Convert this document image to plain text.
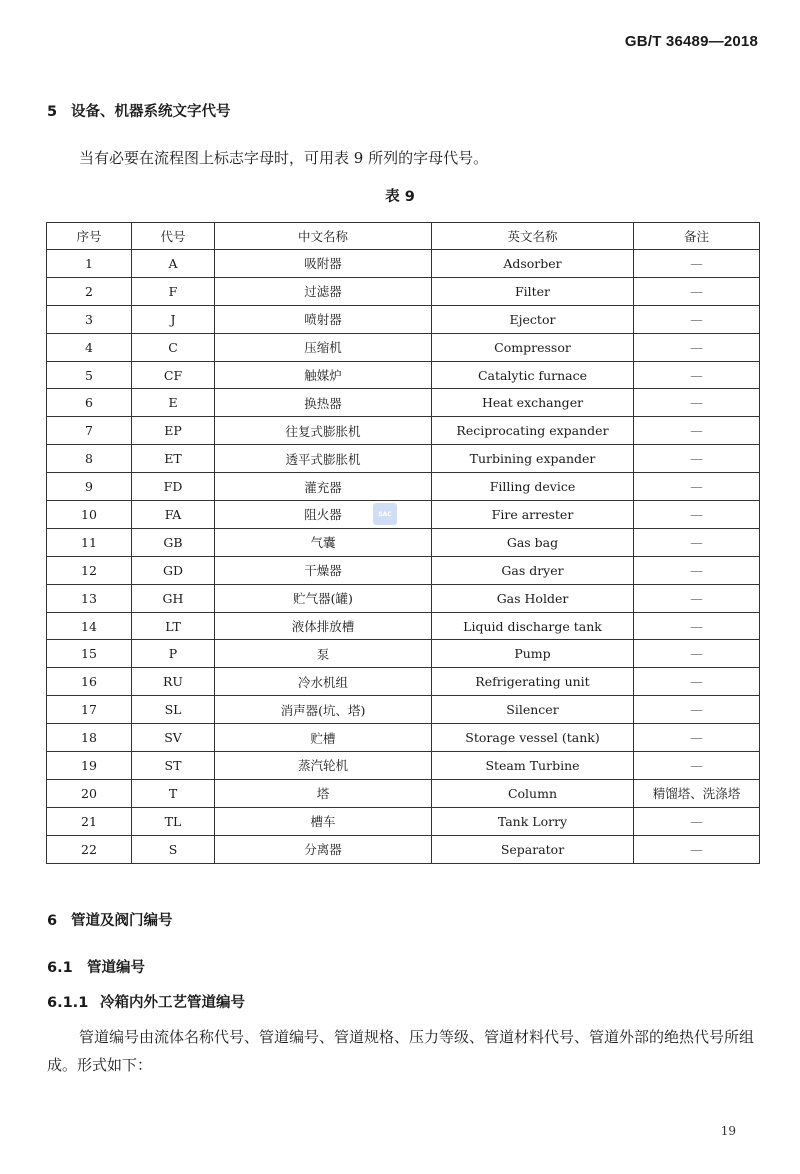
GB/T 36489—2018
5 设备、机器系统文字代号
当有必要在流程图上标志字母时，可用表 9 所列的字母代号。
表 9
序号	代号	中文名称	英文名称	备注
1	A	吸附器	Adsorber	—
2	F	过滤器	Filter	—
3	J	喷射器	Ejector	—
4	C	压缩机	Compressor	—
5	CF	触媒炉	Catalytic furnace	—
6	E	换热器	Heat exchanger	—
7	EP	往复式膨胀机	Reciprocating expander	—
8	ET	透平式膨胀机	Turbining expander	—
9	FD	灌充器	Filling device	—
10	FA	阻火器	Fire arrester	—
11	GB	气囊	Gas bag	—
12	GD	干燥器	Gas dryer	—
13	GH	贮气器(罐)	Gas Holder	—
14	LT	液体排放槽	Liquid discharge tank	—
15	P	泵	Pump	—
16	RU	冷水机组	Refrigerating unit	—
17	SL	消声器(坑、塔)	Silencer	—
18	SV	贮槽	Storage vessel (tank)	—
19	ST	蒸汽轮机	Steam Turbine	—
20	T	塔	Column	精馏塔、洗涤塔
21	TL	槽车	Tank Lorry	—
22	S	分离器	Separator	—
SAC
6 管道及阀门编号
6.1 管道编号
6.1.1 冷箱内外工艺管道编号
管道编号由流体名称代号、管道编号、管道规格、压力等级、管道材料代号、管道外部的绝热代号所组成。形式如下：
19
